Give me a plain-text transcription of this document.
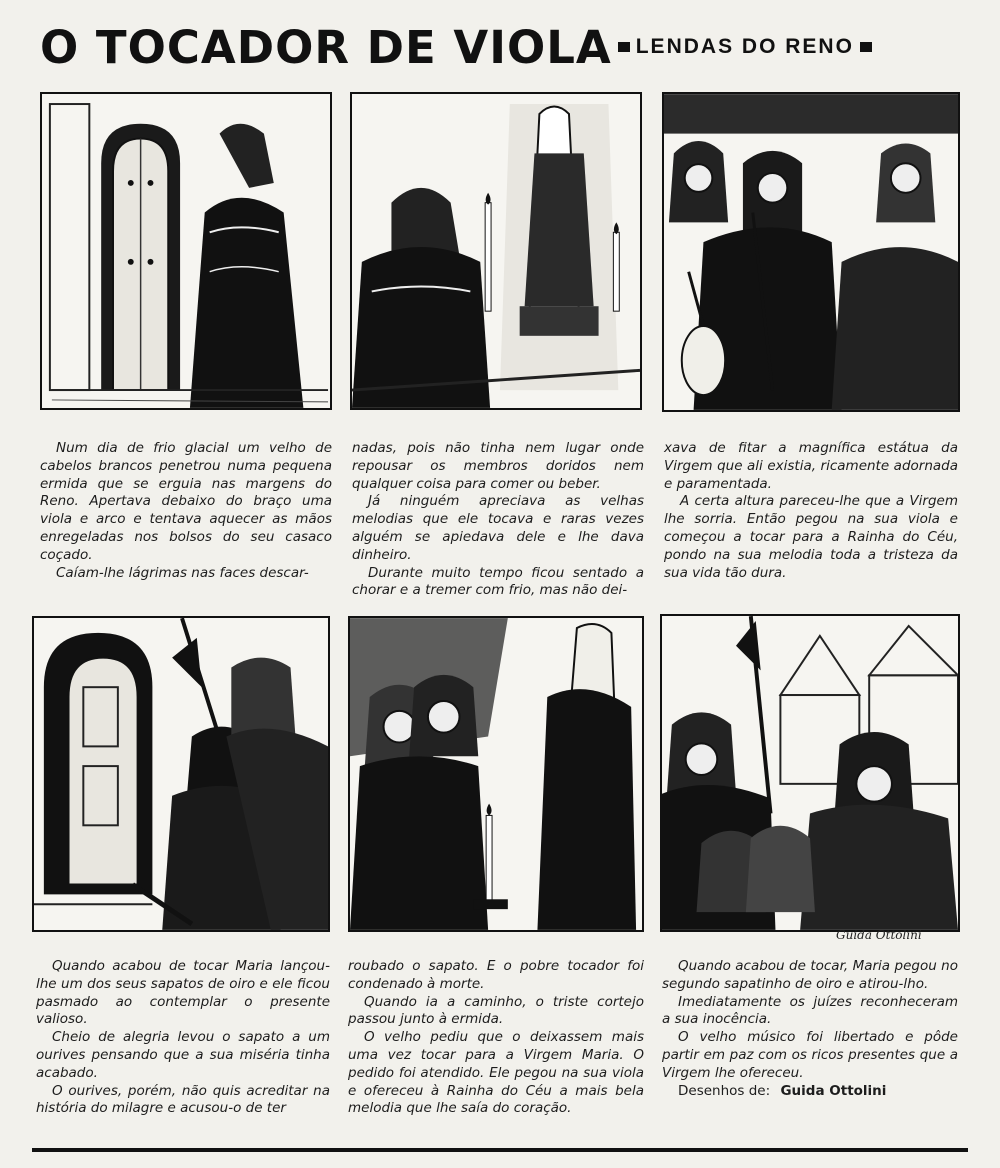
O TOCADOR DE VIOLA LENDAS DO RENO

Num dia de frio glacial um velho de cabelos brancos penetrou numa pequena ermida que se erguia nas margens do Reno. Apertava debaixo do braço uma viola e arco e tentava aquecer as mãos enregeladas nos bolsos do seu casaco coçado.

Caíam-lhe lágrimas nas faces descar-

nadas, pois não tinha nem lugar onde repousar os membros doridos nem qualquer coisa para comer ou beber.

Já ninguém apreciava as velhas melodias que ele tocava e raras vezes alguém se apiedava dele e lhe dava dinheiro.

Durante muito tempo ficou sentado a chorar e a tremer com frio, mas não dei-

xava de fitar a magnífica estátua da Virgem que ali existia, ricamente adornada e paramentada.

A certa altura pareceu-lhe que a Virgem lhe sorria. Então pegou na sua viola e começou a tocar para a Rainha do Céu, pondo na sua melodia toda a tristeza da sua vida tão dura.

Guida Ottolini

Quando acabou de tocar Maria lançou-lhe um dos seus sapatos de oiro e ele ficou pasmado ao contemplar o presente valioso.

Cheio de alegria levou o sapato a um ourives pensando que a sua miséria tinha acabado.

O ourives, porém, não quis acreditar na história do milagre e acusou-o de ter

roubado o sapato. E o pobre tocador foi condenado à morte.

Quando ia a caminho, o triste cortejo passou junto à ermida.

O velho pediu que o deixassem mais uma vez tocar para a Virgem Maria. O pedido foi atendido. Ele pegou na sua viola e ofereceu à Rainha do Céu a mais bela melodia que lhe saía do coração.

Quando acabou de tocar, Maria pegou no segundo sapatinho de oiro e atirou-lho.

Imediatamente os juízes reconheceram a sua inocência.

O velho músico foi libertado e pôde partir em paz com os ricos presentes que a Virgem lhe ofereceu.

Desenhos de: Guida Ottolini
